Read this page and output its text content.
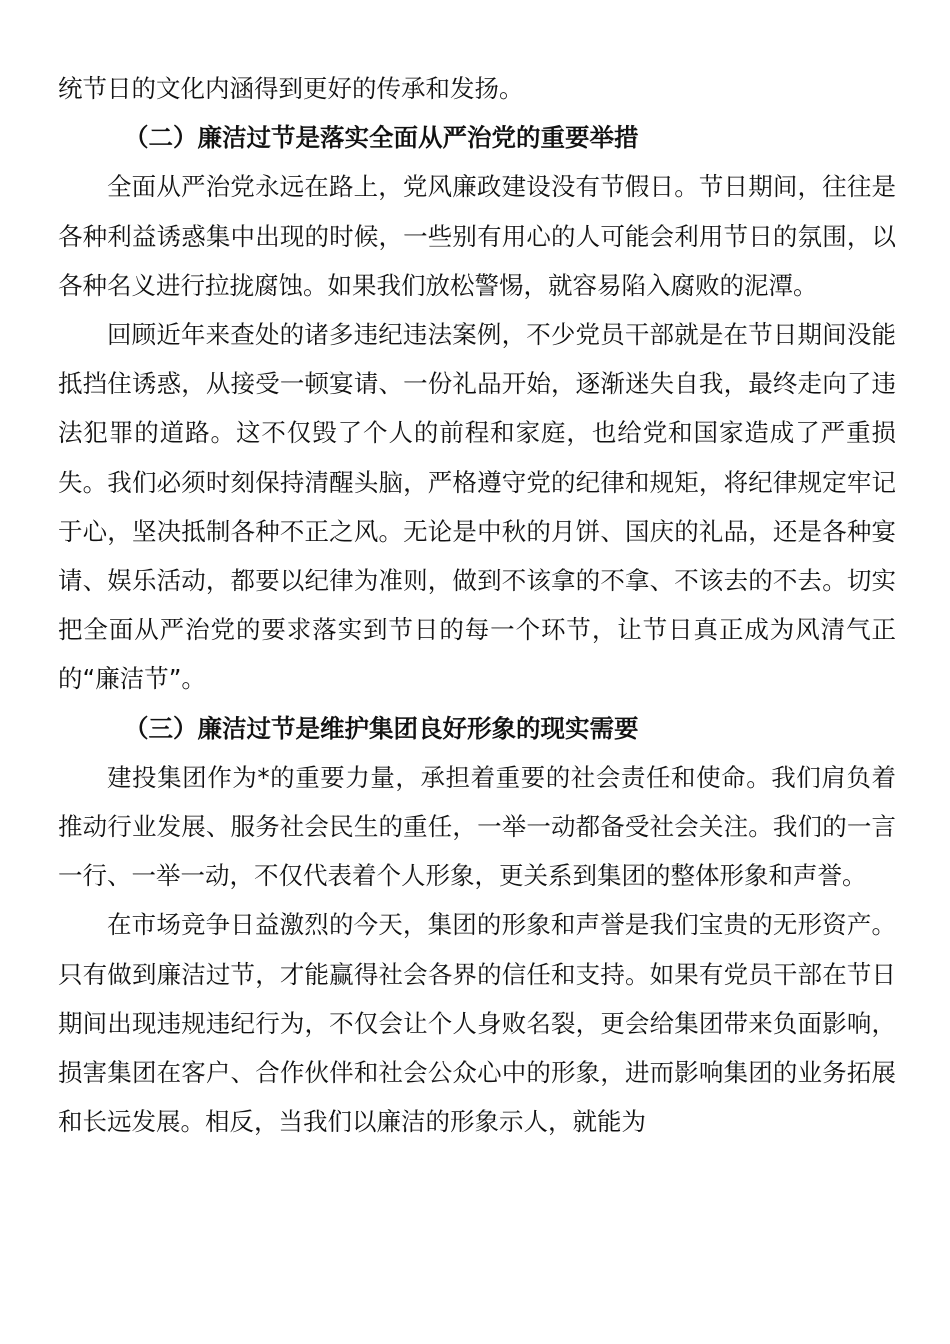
统节日的文化内涵得到更好的传承和发扬。

（二）廉洁过节是落实全面从严治党的重要举措

全面从严治党永远在路上，党风廉政建设没有节假日。节日期间，往往是各种利益诱惑集中出现的时候，一些别有用心的人可能会利用节日的氛围，以各种名义进行拉拢腐蚀。如果我们放松警惕，就容易陷入腐败的泥潭。

回顾近年来查处的诸多违纪违法案例，不少党员干部就是在节日期间没能抵挡住诱惑，从接受一顿宴请、一份礼品开始，逐渐迷失自我，最终走向了违法犯罪的道路。这不仅毁了个人的前程和家庭，也给党和国家造成了严重损失。我们必须时刻保持清醒头脑，严格遵守党的纪律和规矩，将纪律规定牢记于心，坚决抵制各种不正之风。无论是中秋的月饼、国庆的礼品，还是各种宴请、娱乐活动，都要以纪律为准则，做到不该拿的不拿、不该去的不去。切实把全面从严治党的要求落实到节日的每一个环节，让节日真正成为风清气正的“廉洁节”。

（三）廉洁过节是维护集团良好形象的现实需要

建投集团作为*的重要力量，承担着重要的社会责任和使命。我们肩负着推动行业发展、服务社会民生的重任，一举一动都备受社会关注。我们的一言一行、一举一动，不仅代表着个人形象，更关系到集团的整体形象和声誉。

在市场竞争日益激烈的今天，集团的形象和声誉是我们宝贵的无形资产。只有做到廉洁过节，才能赢得社会各界的信任和支持。如果有党员干部在节日期间出现违规违纪行为，不仅会让个人身败名裂，更会给集团带来负面影响，损害集团在客户、合作伙伴和社会公众心中的形象，进而影响集团的业务拓展和长远发展。相反，当我们以廉洁的形象示人，就能为
